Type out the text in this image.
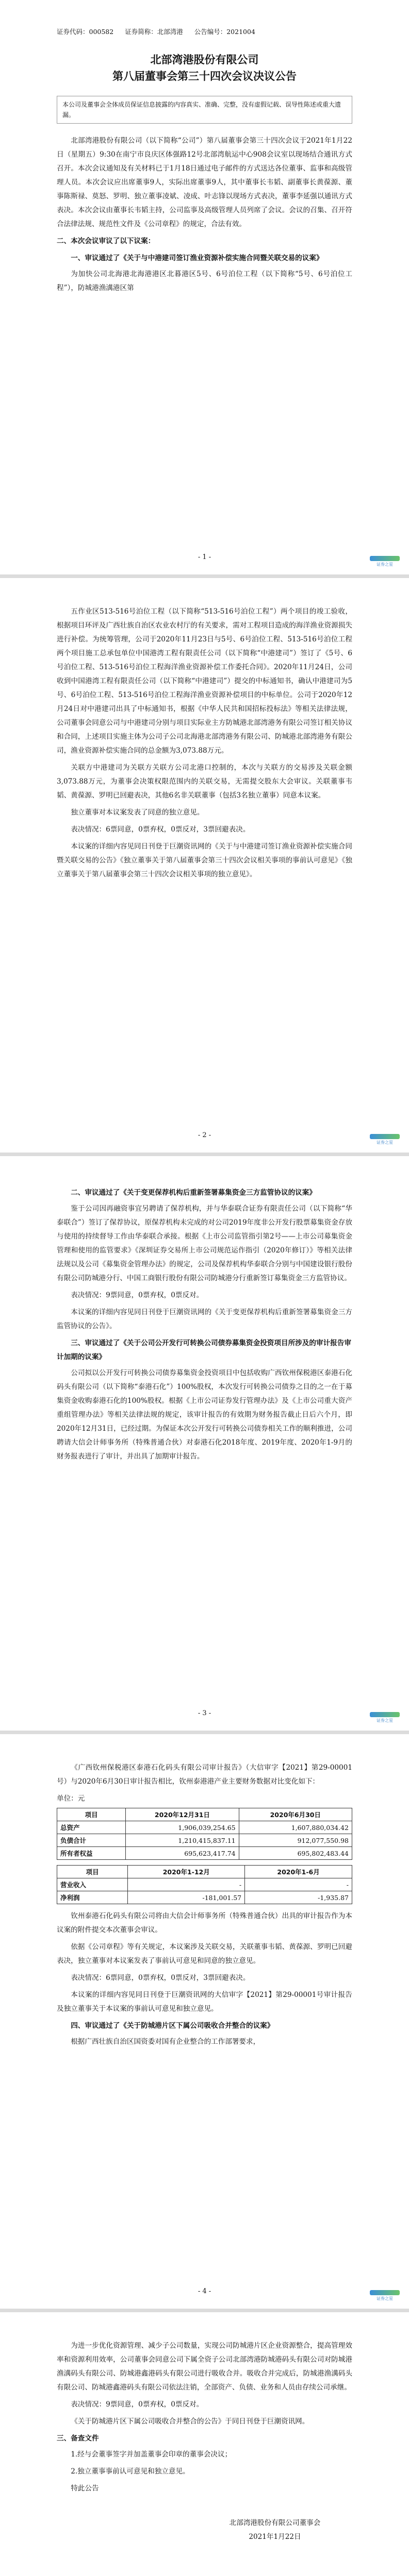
证券代码：000582 证券简称：北部湾港 公告编号：2021004
北部湾港股份有限公司
第八届董事会第三十四次会议决议公告
本公司及董事会全体成员保证信息披露的内容真实、准确、完整，没有虚假记载、误导性陈述或重大遗漏。

北部湾港股份有限公司（以下简称“公司”）第八届董事会第三十四次会议于2021年1月22日（星期五）9:30在南宁市良庆区体强路12号北部湾航运中心908会议室以现场结合通讯方式召开。本次会议通知及有关材料已于1月18日通过电子邮件的方式送达各位董事、监事和高级管理人员。本次会议应出席董事9人，实际出席董事9人，其中董事长韦韬、副董事长黄葆源、董事陈斯禄、莫怒、罗明、独立董事凌斌、凌成、叶志锋以现场方式表决，董事李延强以通讯方式表决。本次会议由董事长韦韬主持，公司监事及高级管理人员列席了会议。会议的召集、召开符合法律法规、规范性文件及《公司章程》的规定，合法有效。

二、本次会议审议了以下议案：
一、审议通过了《关于与中港建司签订渔业资源补偿实施合同暨关联交易的议案》

为加快公司北海港北海港港区北暮港区5号、6号泊位工程（以下简称“5号、6号泊位工程”），防城港渔澫港区第

- 1 -
证券之星

五作业区513-516号泊位工程（以下简称“513-516号泊位工程”）两个项目的竣工验收，根据项目环评及广西壮族自治区农业农村厅的有关要求，需对工程项目造成的海洋渔业资源损失进行补偿。为统筹管理，公司于2020年11月23日与5号、6号泊位工程、513-516号泊位工程两个项目施工总承包单位中国港湾工程有限责任公司（以下简称“中港建司”）签订了《5号、6号泊位工程、513-516号泊位工程海洋渔业资源补偿工作委托合同》。2020年11月24日，公司收到中国港湾工程有限责任公司（以下简称“中港建司”）提交的中标通知书，确认中港建司为5号、6号泊位工程、513-516号泊位工程海洋渔业资源补偿项目的中标单位。公司于2020年12月24日对中港建司出具了中标通知书，根据《中华人民共和国招标投标法》等相关法律法规，公司董事会同意公司与中港建司分别与项目实际业主方防城港北部湾港务有限公司签订相关协议和合同，上述项目实施主体为公司子公司北海港北部湾港务有限公司、防城港北部湾港务有限公司，渔业资源补偿实施合同的总金额为3,073.88万元。

关联方中港建司为关联方关联方公司北港口控制的，本次与关联方的交易涉及关联金额3,073.88万元，为董事会决策权限范围内的关联交易，无需提交股东大会审议。关联董事韦韬、黄葆源、罗明已回避表决，其他6名非关联董事（包括3名独立董事）同意本议案。

独立董事对本议案发表了同意的独立意见。

表决情况：6票同意，0票弃权，0票反对，3票回避表决。

本议案的详细内容见同日刊登于巨潮资讯网的《关于与中港建司签订渔业资源补偿实施合同暨关联交易的公告》《独立董事关于第八届董事会第三十四次会议相关事项的事前认可意见》《独立董事关于第八届董事会第三十四次会议相关事项的独立意见》。

- 2 -
证券之星
二、审议通过了《关于变更保荐机构后重新签署募集资金三方监管协议的议案》

鉴于公司因再融资事宜另聘请了保荐机构，并与华泰联合证券有限责任公司（以下简称“华泰联合”）签订了保荐协议，原保荐机构未完成的对公司2019年度非公开发行股票募集资金存放与使用的持续督导工作由华泰联合承接。根据《上市公司监管指引第2号——上市公司募集资金管理和使用的监管要求》《深圳证券交易所上市公司规范运作指引（2020年修订）》等相关法律法规以及公司《募集资金管理办法》的规定，公司及保荐机构华泰联合分别与中国建设银行股份有限公司防城港分行、中国工商银行股份有限公司防城港分行重新签订募集资金三方监管协议。

表决情况：9票同意，0票弃权，0票反对。

本议案的详细内容见同日刊登于巨潮资讯网的《关于变更保荐机构后重新签署募集资金三方监管协议的公告》。

三、审议通过了《关于公司公开发行可转换公司债券募集资金投资项目所涉及的审计报告审计加期的议案》

公司拟以公开发行可转换公司债券募集资金投资项目中包括收购广西钦州保税港区泰港石化码头有限公司（以下简称“泰港石化”）100%股权，本次发行可转换公司债券之目的之一在于募集资金收购泰港石化的100%股权。根据《上市公司证券发行管理办法》及《上市公司重大资产重组管理办法》等相关法律法规的规定，该审计报告的有效期为财务报告截止日后六个月，即2020年12月31日，已经过期。为保证本次公开发行可转换公司债券相关工作的顺利推进，公司聘请大信会计师事务所（特殊普通合伙）对泰港石化2018年度、2019年度、2020年1-9月的财务报表进行了审计，并出具了加期审计报告。

- 3 -
证券之星

《广西钦州保税港区泰港石化码头有限公司审计报告》（大信审字【2021】第29-00001号）与2020年6月30日审计报告相比，钦州泰港港产业主要财务数据对比变化如下：

单位：元
项目	2020年12月31日	2020年6月30日
总资产	1,906,039,254.65	1,607,880,034.42
负债合计	1,210,415,837.11	912,077,550.98
所有者权益	695,623,417.74	695,802,483.44
项目	2020年1-12月	2020年1-6月
营业收入	-	-
净利润	-181,001.57	-1,935.87

钦州泰港石化码头有限公司将由大信会计师事务所（特殊普通合伙）出具的审计报告作为本议案的附件提交本次董事会审议。

依据《公司章程》等有关规定，本议案涉及关联交易，关联董事韦韬、黄葆源、罗明已回避表决，独立董事对本议案发表了事前认可意见和同意的独立意见。

表决情况：6票同意，0票弃权，0票反对，3票回避表决。

本议案的详细内容见同日刊登于巨潮资讯网的大信审字【2021】第29-00001号审计报告及独立董事关于本议案的事前认可意见和独立意见。

四、审议通过了《关于防城港片区下属公司吸收合并整合的议案》

根据广西壮族自治区国资委对国有企业整合的工作部署要求，

- 4 -
证券之星

为进一步优化资源管理、减少子公司数量，实现公司防城港片区企业资源整合，提高管理效率和资源利用效率，公司董事会同意公司下属全资子公司北部湾港防城港码头有限公司对防城港渔澫码头有限公司、防城港鑫港码头有限公司进行吸收合并。吸收合并完成后，防城港渔澫码头有限公司、防城港鑫港码头有限公司依法注销，全部资产、负债、业务和人员由存续公司承继。

表决情况：9票同意，0票弃权，0票反对。

《关于防城港片区下属公司吸收合并整合的公告》于同日刊登于巨潮资讯网。

三、备查文件

1.经与会董事签字并加盖董事会印章的董事会决议；

2.独立董事事前认可意见和独立意见。

特此公告

北部湾港股份有限公司董事会
2021年1月22日
